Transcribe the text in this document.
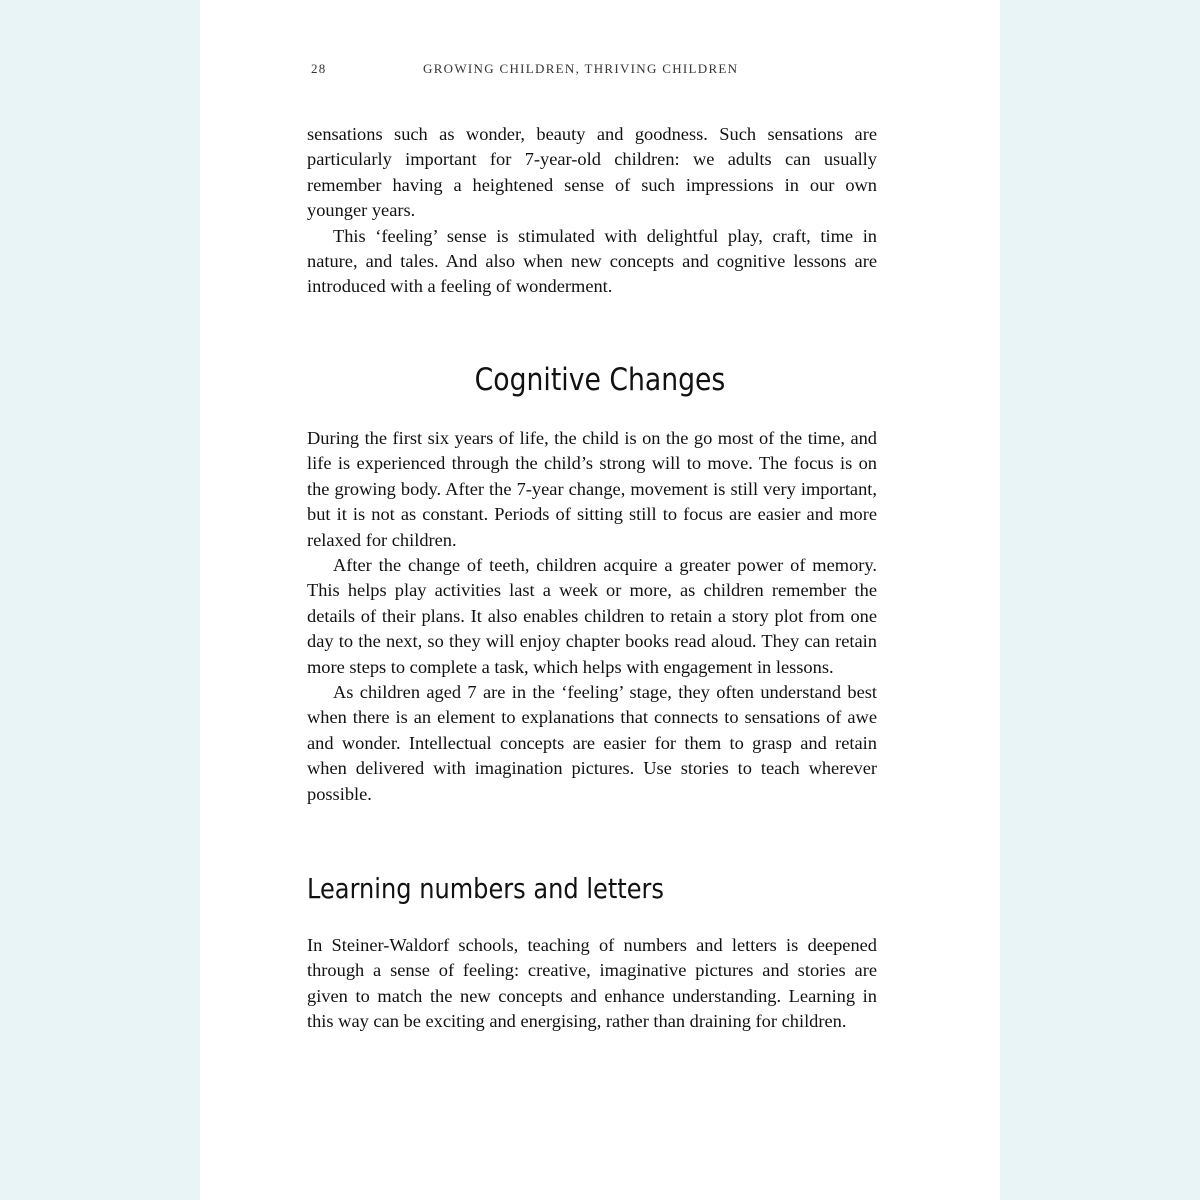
28	GROWING CHILDREN, THRIVING CHILDREN

sensations such as wonder, beauty and goodness. Such sensations are particularly important for 7-year-old children: we adults can usually remember having a heightened sense of such impressions in our own younger years.

This ‘feeling’ sense is stimulated with delightful play, craft, time in nature, and tales. And also when new concepts and cognitive lessons are introduced with a feeling of wonderment.

Cognitive Changes

During the first six years of life, the child is on the go most of the time, and life is experienced through the child’s strong will to move. The focus is on the growing body. After the 7-year change, movement is still very important, but it is not as constant. Periods of sitting still to focus are easier and more relaxed for children.

After the change of teeth, children acquire a greater power of memory. This helps play activities last a week or more, as children remember the details of their plans. It also enables children to retain a story plot from one day to the next, so they will enjoy chapter books read aloud. They can retain more steps to complete a task, which helps with engagement in lessons.

As children aged 7 are in the ‘feeling’ stage, they often understand best when there is an element to explanations that connects to sensations of awe and wonder. Intellectual concepts are easier for them to grasp and retain when delivered with imagination pictures. Use stories to teach wherever possible.

Learning numbers and letters

In Steiner-Waldorf schools, teaching of numbers and letters is deepened through a sense of feeling: creative, imaginative pictures and stories are given to match the new concepts and enhance understanding. Learning in this way can be exciting and energising, rather than draining for children.
